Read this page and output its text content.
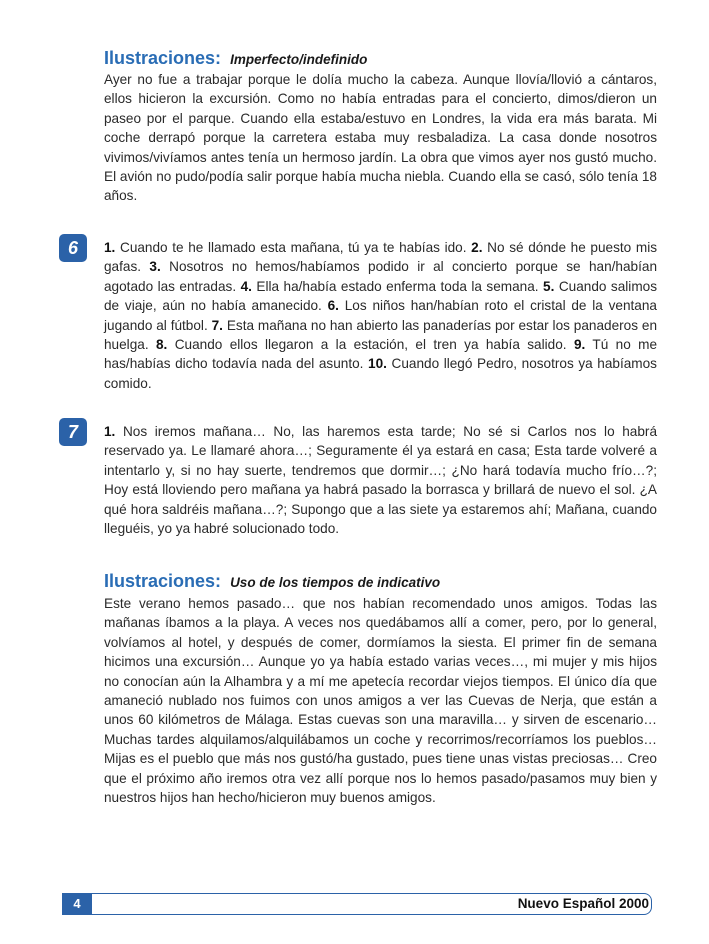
Ilustraciones: Imperfecto/indefinido
Ayer no fue a trabajar porque le dolía mucho la cabeza. Aunque llovía/llovió a cántaros, ellos hicieron la excursión. Como no había entradas para el concierto, dimos/dieron un paseo por el parque. Cuando ella estaba/estuvo en Londres, la vida era más barata. Mi coche derrapó porque la carretera estaba muy resbaladiza. La casa donde nosotros vivimos/vivíamos antes tenía un hermoso jardín. La obra que vimos ayer nos gustó mucho. El avión no pudo/podía salir porque había mucha niebla. Cuando ella se casó, sólo tenía 18 años.
6	1. Cuando te he llamado esta mañana, tú ya te habías ido. 2. No sé dónde he puesto mis gafas. 3. Nosotros no hemos/habíamos podido ir al concierto porque se han/habían agotado las entradas. 4. Ella ha/había estado enferma toda la semana. 5. Cuando salimos de viaje, aún no había amanecido. 6. Los niños han/habían roto el cristal de la ventana jugando al fútbol. 7. Esta mañana no han abierto las panaderías por estar los panaderos en huelga. 8. Cuando ellos llegaron a la estación, el tren ya había salido. 9. Tú no me has/habías dicho todavía nada del asunto. 10. Cuando llegó Pedro, nosotros ya habíamos comido.
7	1. Nos iremos mañana… No, las haremos esta tarde; No sé si Carlos nos lo habrá reservado ya. Le llamaré ahora…; Seguramente él ya estará en casa; Esta tarde volveré a intentarlo y, si no hay suerte, tendremos que dormir…; ¿No hará todavía mucho frío…?; Hoy está lloviendo pero mañana ya habrá pasado la borrasca y brillará de nuevo el sol. ¿A qué hora saldréis mañana…?; Supongo que a las siete ya estaremos ahí; Mañana, cuando lleguéis, yo ya habré solucionado todo.
Ilustraciones: Uso de los tiempos de indicativo
Este verano hemos pasado… que nos habían recomendado unos amigos. Todas las mañanas íbamos a la playa. A veces nos quedábamos allí a comer, pero, por lo general, volvíamos al hotel, y después de comer, dormíamos la siesta. El primer fin de semana hicimos una excursión… Aunque yo ya había estado varias veces…, mi mujer y mis hijos no conocían aún la Alhambra y a mí me apetecía recordar viejos tiempos. El único día que amaneció nublado nos fuimos con unos amigos a ver las Cuevas de Nerja, que están a unos 60 kilómetros de Málaga. Estas cuevas son una maravilla… y sirven de escenario… Muchas tardes alquilamos/alquilábamos un coche y recorrimos/recorríamos los pueblos… Mijas es el pueblo que más nos gustó/ha gustado, pues tiene unas vistas preciosas… Creo que el próximo año iremos otra vez allí porque nos lo hemos pasado/pasamos muy bien y nuestros hijos han hecho/hicieron muy buenos amigos.
4	Nuevo Español 2000
